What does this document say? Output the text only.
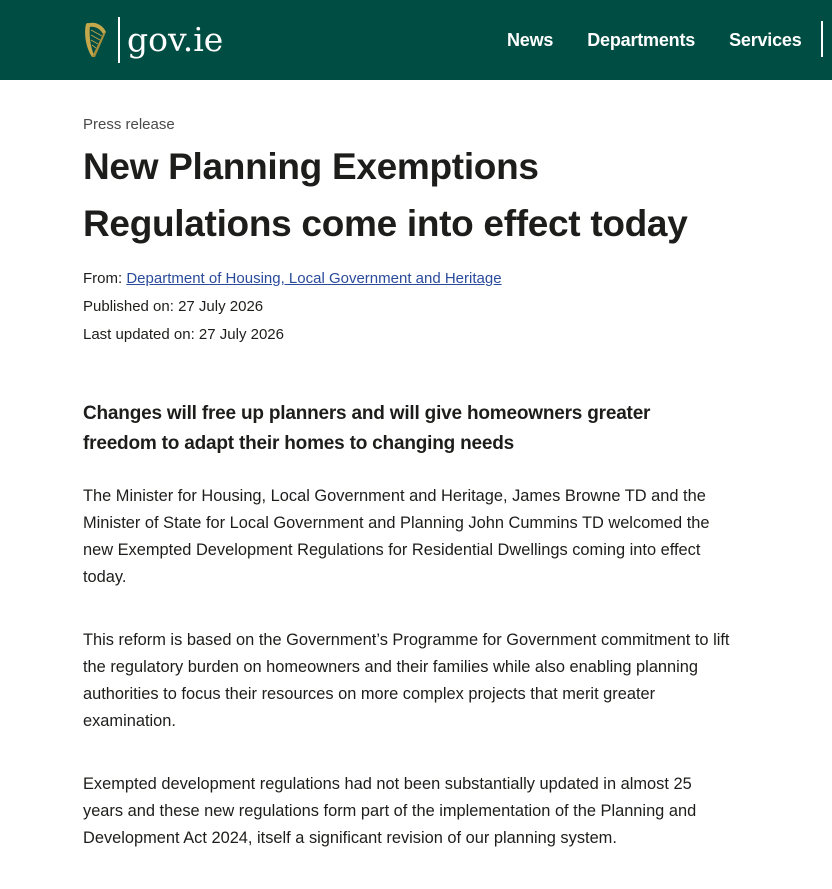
gov.ie	News Departments Services
Press release
New Planning Exemptions Regulations come into effect today
From: Department of Housing, Local Government and Heritage
Published on: 27 July 2026
Last updated on: 27 July 2026

Changes will free up planners and will give homeowners greater freedom to adapt their homes to changing needs

The Minister for Housing, Local Government and Heritage, James Browne TD and the Minister of State for Local Government and Planning John Cummins TD welcomed the new Exempted Development Regulations for Residential Dwellings coming into effect today.

This reform is based on the Government’s Programme for Government commitment to lift the regulatory burden on homeowners and their families while also enabling planning authorities to focus their resources on more complex projects that merit greater examination.

Exempted development regulations had not been substantially updated in almost 25 years and these new regulations form part of the implementation of the Planning and Development Act 2024, itself a significant revision of our planning system.
